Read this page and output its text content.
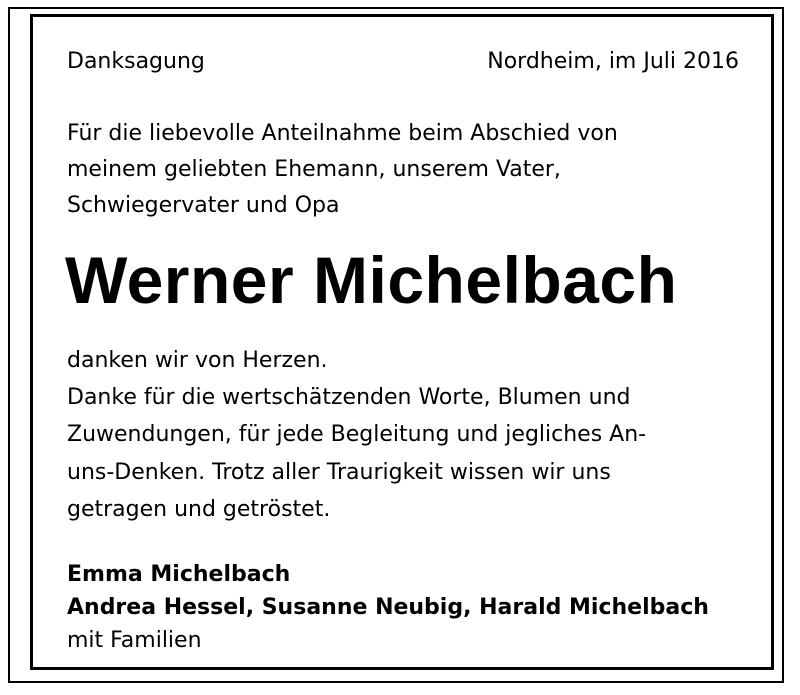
Danksagung	Nordheim, im Juli 2016

Für die liebevolle Anteilnahme beim Abschied von
meinem geliebten Ehemann, unserem Vater,
Schwiegervater und Opa

Werner Michelbach

danken wir von Herzen.
Danke für die wertschätzenden Worte, Blumen und
Zuwendungen, für jede Begleitung und jegliches An-
uns-Denken. Trotz aller Traurigkeit wissen wir uns
getragen und getröstet.

Emma Michelbach
Andrea Hessel, Susanne Neubig, Harald Michelbach
mit Familien
